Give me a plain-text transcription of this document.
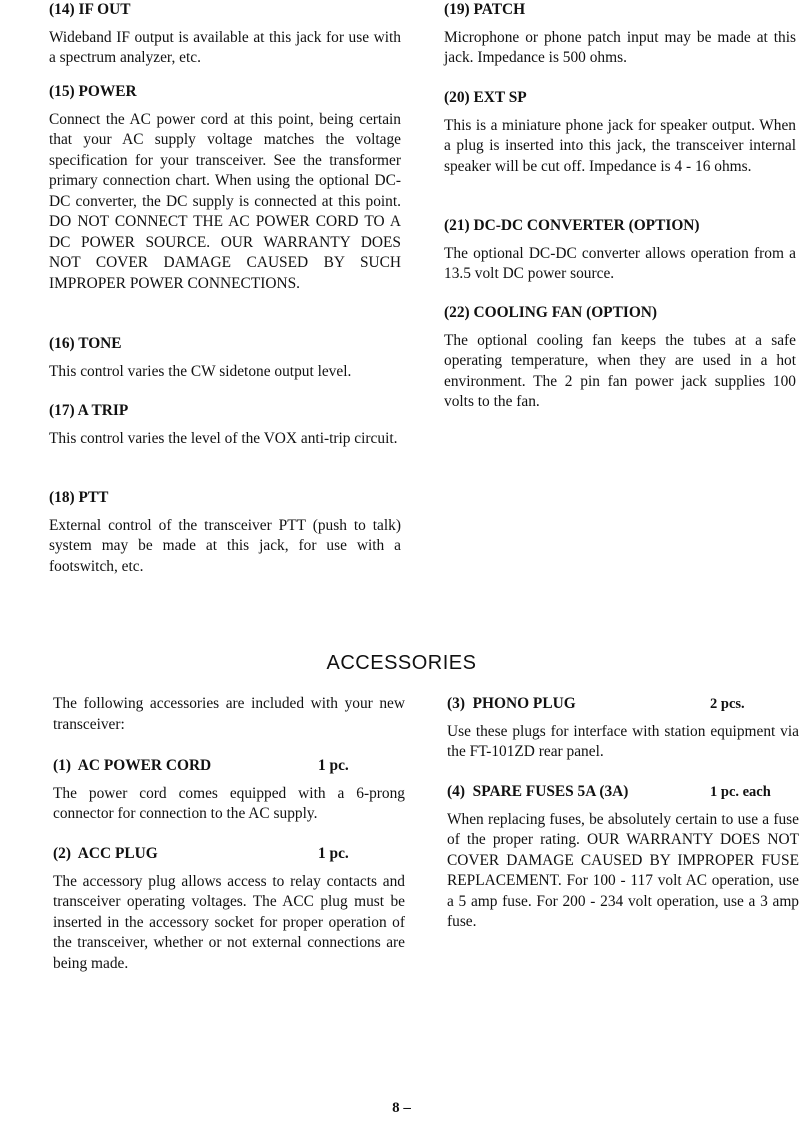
(14) IF OUT

Wideband IF output is available at this jack for use with a spectrum analyzer, etc.

(15) POWER

Connect the AC power cord at this point, being certain that your AC supply voltage matches the voltage specification for your transceiver. See the transformer primary connection chart. When using the optional DC-DC converter, the DC supply is connected at this point. DO NOT CONNECT THE AC POWER CORD TO A DC POWER SOURCE. OUR WARRANTY DOES NOT COVER DAMAGE CAUSED BY SUCH IMPROPER POWER CONNECTIONS.

(16) TONE

This control varies the CW sidetone output level.

(17) A TRIP

This control varies the level of the VOX anti-trip circuit.

(18) PTT

External control of the transceiver PTT (push to talk) system may be made at this jack, for use with a footswitch, etc.

(19) PATCH

Microphone or phone patch input may be made at this jack. Impedance is 500 ohms.

(20) EXT SP

This is a miniature phone jack for speaker output. When a plug is inserted into this jack, the transceiver internal speaker will be cut off. Impedance is 4 - 16 ohms.

(21) DC-DC CONVERTER (OPTION)

The optional DC-DC converter allows operation from a 13.5 volt DC power source.

(22) COOLING FAN (OPTION)

The optional cooling fan keeps the tubes at a safe operating temperature, when they are used in a hot environment. The 2 pin fan power jack supplies 100 volts to the fan.

ACCESSORIES

The following accessories are included with your new transceiver:

(1)  AC POWER CORD	1 pc.

The power cord comes equipped with a 6-prong connector for connection to the AC supply.

(2)  ACC PLUG	1 pc.

The accessory plug allows access to relay contacts and transceiver operating voltages. The ACC plug must be inserted in the accessory socket for proper operation of the transceiver, whether or not external connections are being made.

(3)  PHONO PLUG	2 pcs.

Use these plugs for interface with station equipment via the FT-101ZD rear panel.

(4)  SPARE FUSES 5A (3A)	1 pc. each

When replacing fuses, be absolutely certain to use a fuse of the proper rating. OUR WARRANTY DOES NOT COVER DAMAGE CAUSED BY IMPROPER FUSE REPLACEMENT. For 100 - 117 volt AC operation, use a 5 amp fuse. For 200 - 234 volt operation, use a 3 amp fuse.

8 –
